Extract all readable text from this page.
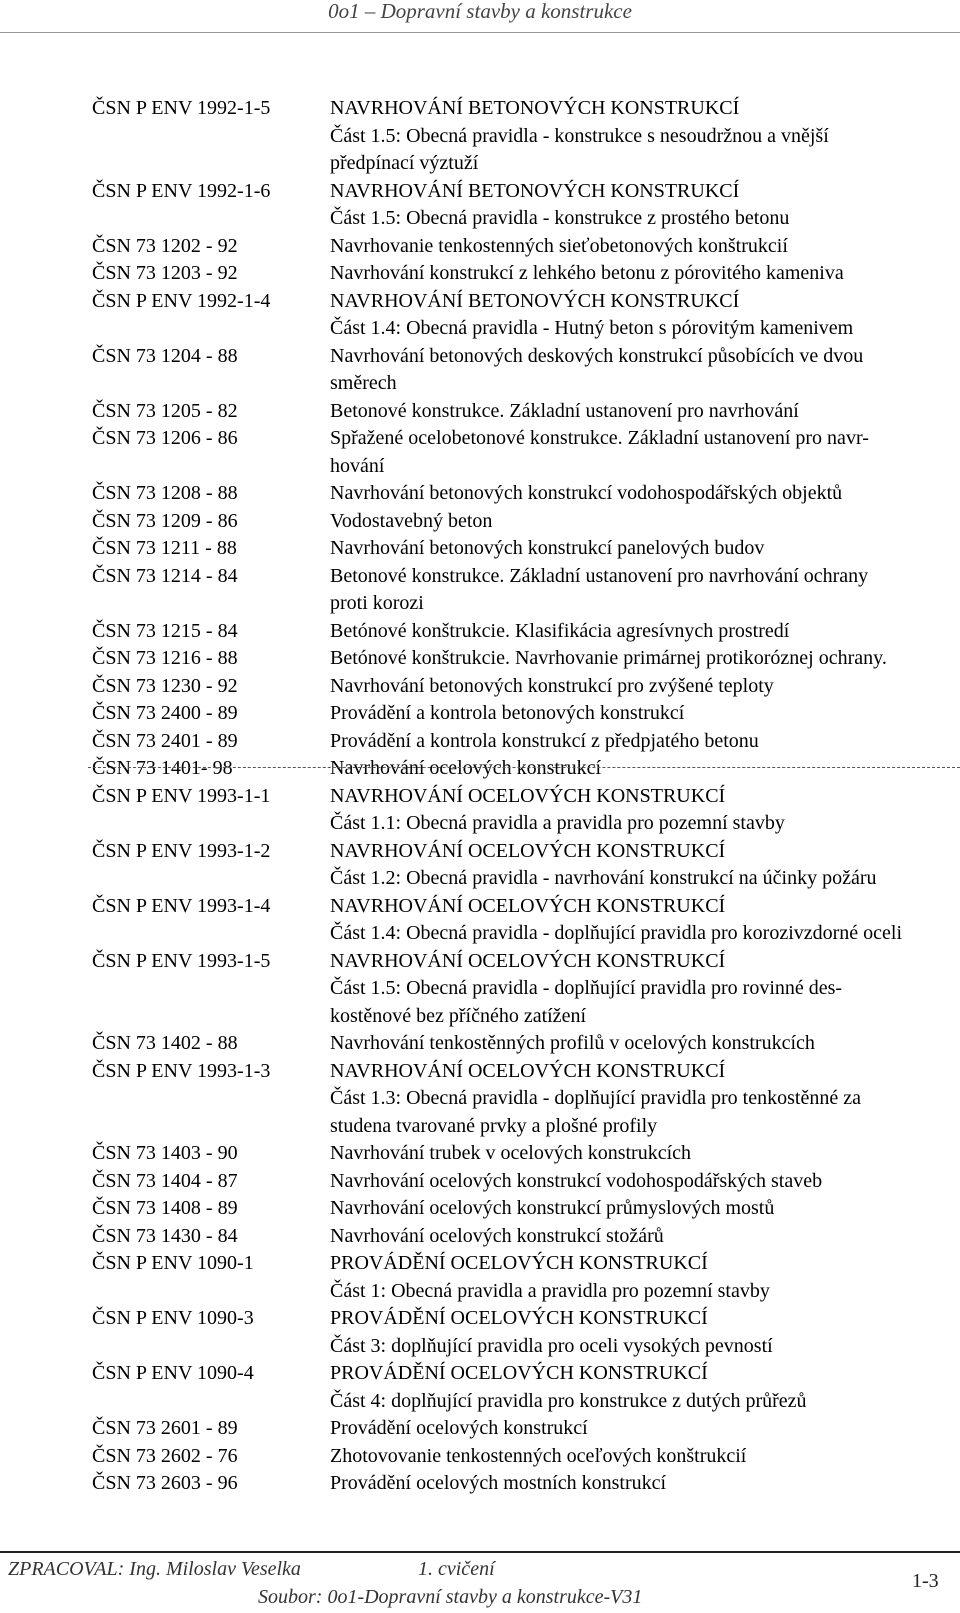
0o1 – Dopravní stavby a konstrukce
ČSN P ENV 1992-1-5	NAVRHOVÁNÍ BETONOVÝCH KONSTRUKCÍ
Část 1.5: Obecná pravidla - konstrukce s nesoudržnou a vnější
předpínací výztuží
ČSN P ENV 1992-1-6	NAVRHOVÁNÍ BETONOVÝCH KONSTRUKCÍ
Část 1.5: Obecná pravidla - konstrukce z prostého betonu
ČSN 73 1202 - 92	Navrhovanie tenkostenných sieťobetonových konštrukcií
ČSN 73 1203 - 92	Navrhování konstrukcí z lehkého betonu z pórovitého kameniva
ČSN P ENV 1992-1-4	NAVRHOVÁNÍ BETONOVÝCH KONSTRUKCÍ
Část 1.4: Obecná pravidla - Hutný beton s pórovitým kamenivem
ČSN 73 1204 - 88	Navrhování betonových deskových konstrukcí působících ve dvou
směrech
ČSN 73 1205 - 82	Betonové konstrukce. Základní ustanovení pro navrhování
ČSN 73 1206 - 86	Spřažené ocelobetonové konstrukce. Základní ustanovení pro navr-
hování
ČSN 73 1208 - 88	Navrhování betonových konstrukcí vodohospodářských objektů
ČSN 73 1209 - 86	Vodostavebný beton
ČSN 73 1211 - 88	Navrhování betonových konstrukcí panelových budov
ČSN 73 1214 - 84	Betonové konstrukce. Základní ustanovení pro navrhování ochrany
proti korozi
ČSN 73 1215 - 84	Betónové konštrukcie. Klasifikácia agresívnych prostredí
ČSN 73 1216 - 88	Betónové konštrukcie. Navrhovanie primárnej protikoróznej ochrany.
ČSN 73 1230 - 92	Navrhování betonových konstrukcí pro zvýšené teploty
ČSN 73 2400 - 89	Provádění a kontrola betonových konstrukcí
ČSN 73 2401 - 89	Provádění a kontrola konstrukcí z předpjatého betonu
ČSN 73 1401- 98	Navrhování ocelových konstrukcí
ČSN P ENV 1993-1-1	NAVRHOVÁNÍ OCELOVÝCH KONSTRUKCÍ
Část 1.1: Obecná pravidla a pravidla pro pozemní stavby
ČSN P ENV 1993-1-2	NAVRHOVÁNÍ OCELOVÝCH KONSTRUKCÍ
Část 1.2: Obecná pravidla - navrhování konstrukcí na účinky požáru
ČSN P ENV 1993-1-4	NAVRHOVÁNÍ OCELOVÝCH KONSTRUKCÍ
Část 1.4: Obecná pravidla - doplňující pravidla pro korozivzdorné oceli
ČSN P ENV 1993-1-5	NAVRHOVÁNÍ OCELOVÝCH KONSTRUKCÍ
Část 1.5: Obecná pravidla - doplňující pravidla pro rovinné des-
kostěnové bez příčného zatížení
ČSN 73 1402 - 88	Navrhování tenkostěnných profilů v ocelových konstrukcích
ČSN P ENV 1993-1-3	NAVRHOVÁNÍ OCELOVÝCH KONSTRUKCÍ
Část 1.3: Obecná pravidla - doplňující pravidla pro tenkostěnné za
studena tvarované prvky a plošné profily
ČSN 73 1403 - 90	Navrhování trubek v ocelových konstrukcích
ČSN 73 1404 - 87	Navrhování ocelových konstrukcí vodohospodářských staveb
ČSN 73 1408 - 89	Navrhování ocelových konstrukcí průmyslových mostů
ČSN 73 1430 - 84	Navrhování ocelových konstrukcí stožárů
ČSN P ENV 1090-1	PROVÁDĚNÍ OCELOVÝCH KONSTRUKCÍ
Část 1: Obecná pravidla a pravidla pro pozemní stavby
ČSN P ENV 1090-3	PROVÁDĚNÍ OCELOVÝCH KONSTRUKCÍ
Část 3: doplňující pravidla pro oceli vysokých pevností
ČSN P ENV 1090-4	PROVÁDĚNÍ OCELOVÝCH KONSTRUKCÍ
Část 4: doplňující pravidla pro konstrukce z dutých průřezů
ČSN 73 2601 - 89	Provádění ocelových konstrukcí
ČSN 73 2602 - 76	Zhotovovanie tenkostenných oceľových konštrukcií
ČSN 73 2603 - 96	Provádění ocelových mostních konstrukcí
ZPRACOVAL: Ing. Miloslav Veselka	1. cvičení
Soubor: 0o1-Dopravní stavby a konstrukce-V31
1-3
